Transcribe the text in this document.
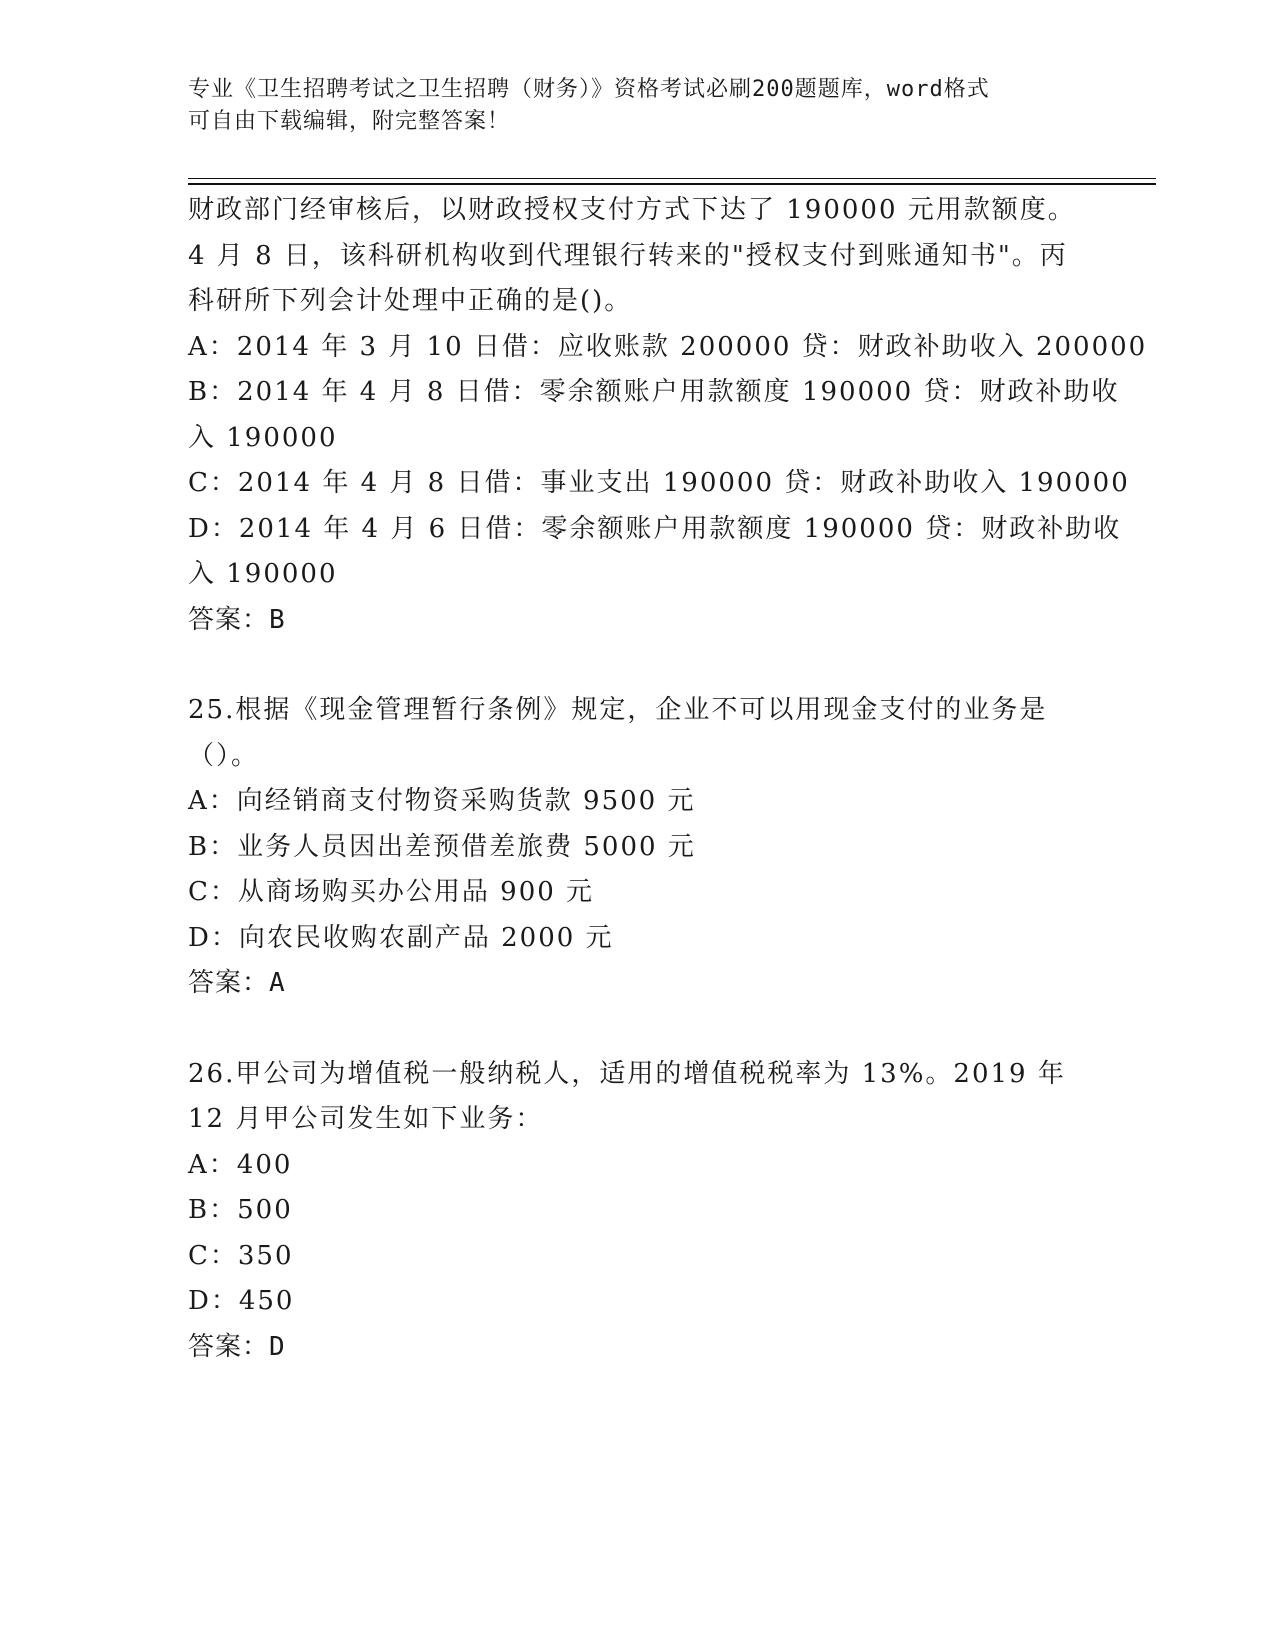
专业《卫生招聘考试之卫生招聘（财务）》资格考试必刷200题题库，word格式
可自由下载编辑，附完整答案！
财政部门经审核后，以财政授权支付方式下达了 190000 元用款额度。
4 月 8 日，该科研机构收到代理银行转来的"授权支付到账通知书"。丙
科研所下列会计处理中正确的是()。
A：2014 年 3 月 10 日借：应收账款 200000 贷：财政补助收入 200000
B：2014 年 4 月 8 日借：零余额账户用款额度 190000 贷：财政补助收
入 190000
C：2014 年 4 月 8 日借：事业支出 190000 贷：财政补助收入 190000
D：2014 年 4 月 6 日借：零余额账户用款额度 190000 贷：财政补助收
入 190000
答案：B
25.根据《现金管理暂行条例》规定，企业不可以用现金支付的业务是
（）。
A：向经销商支付物资采购货款 9500 元
B：业务人员因出差预借差旅费 5000 元
C：从商场购买办公用品 900 元
D：向农民收购农副产品 2000 元
答案：A
26.甲公司为增值税一般纳税人，适用的增值税税率为 13%。2019 年
12 月甲公司发生如下业务：
A：400
B：500
C：350
D：450
答案：D
